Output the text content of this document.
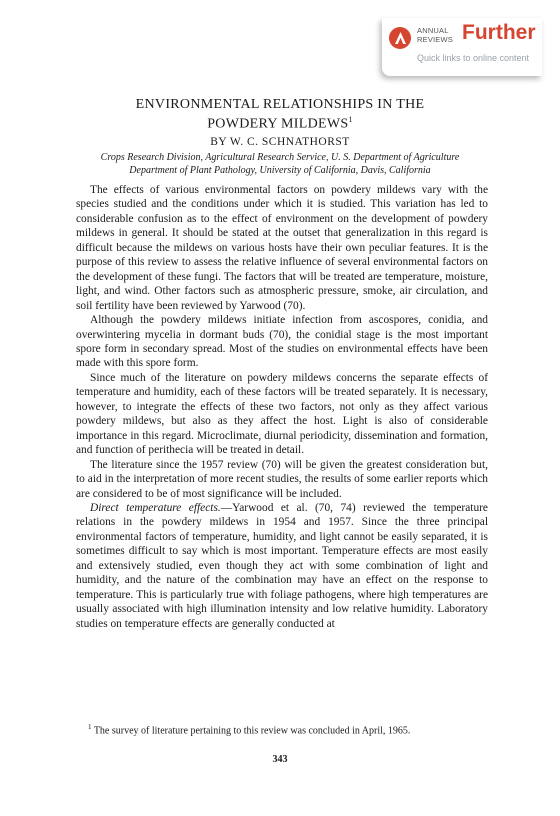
ANNUAL
REVIEWS Further
Quick links to online content
ENVIRONMENTAL RELATIONSHIPS IN THE
POWDERY MILDEWS$^1$
BY W. C. SCHNATHORST
Crops Research Division, Agricultural Research Service, U. S. Department of Agriculture
Department of Plant Pathology, University of California, Davis, California

The effects of various environmental factors on powdery mildews vary with the species studied and the conditions under which it is studied. This variation has led to considerable confusion as to the effect of environment on the development of powdery mildews in general. It should be stated at the outset that generalization in this regard is difficult because the mildews on various hosts have their own peculiar features. It is the purpose of this review to assess the relative influence of several environmental factors on the development of these fungi. The factors that will be treated are temperature, moisture, light, and wind. Other factors such as atmospheric pressure, smoke, air circulation, and soil fertility have been reviewed by Yarwood (70).

Although the powdery mildews initiate infection from ascospores, conidia, and overwintering mycelia in dormant buds (70), the conidial stage is the most important spore form in secondary spread. Most of the studies on environmental effects have been made with this spore form.

Since much of the literature on powdery mildews concerns the separate effects of temperature and humidity, each of these factors will be treated separately. It is necessary, however, to integrate the effects of these two factors, not only as they affect various powdery mildews, but also as they affect the host. Light is also of considerable importance in this regard. Microclimate, diurnal periodicity, dissemination and formation, and function of perithecia will be treated in detail.

The literature since the 1957 review (70) will be given the greatest consideration but, to aid in the interpretation of more recent studies, the results of some earlier reports which are considered to be of most significance will be included.

Direct temperature effects.—Yarwood et al. (70, 74) reviewed the temperature relations in the powdery mildews in 1954 and 1957. Since the three principal environmental factors of temperature, humidity, and light cannot be easily separated, it is sometimes difficult to say which is most important. Temperature effects are most easily and extensively studied, even though they act with some combination of light and humidity, and the nature of the combination may have an effect on the response to temperature. This is particularly true with foliage pathogens, where high temperatures are usually associated with high illumination intensity and low relative humidity. Laboratory studies on temperature effects are generally conducted at

$^1$ The survey of literature pertaining to this review was concluded in April, 1965.
343
